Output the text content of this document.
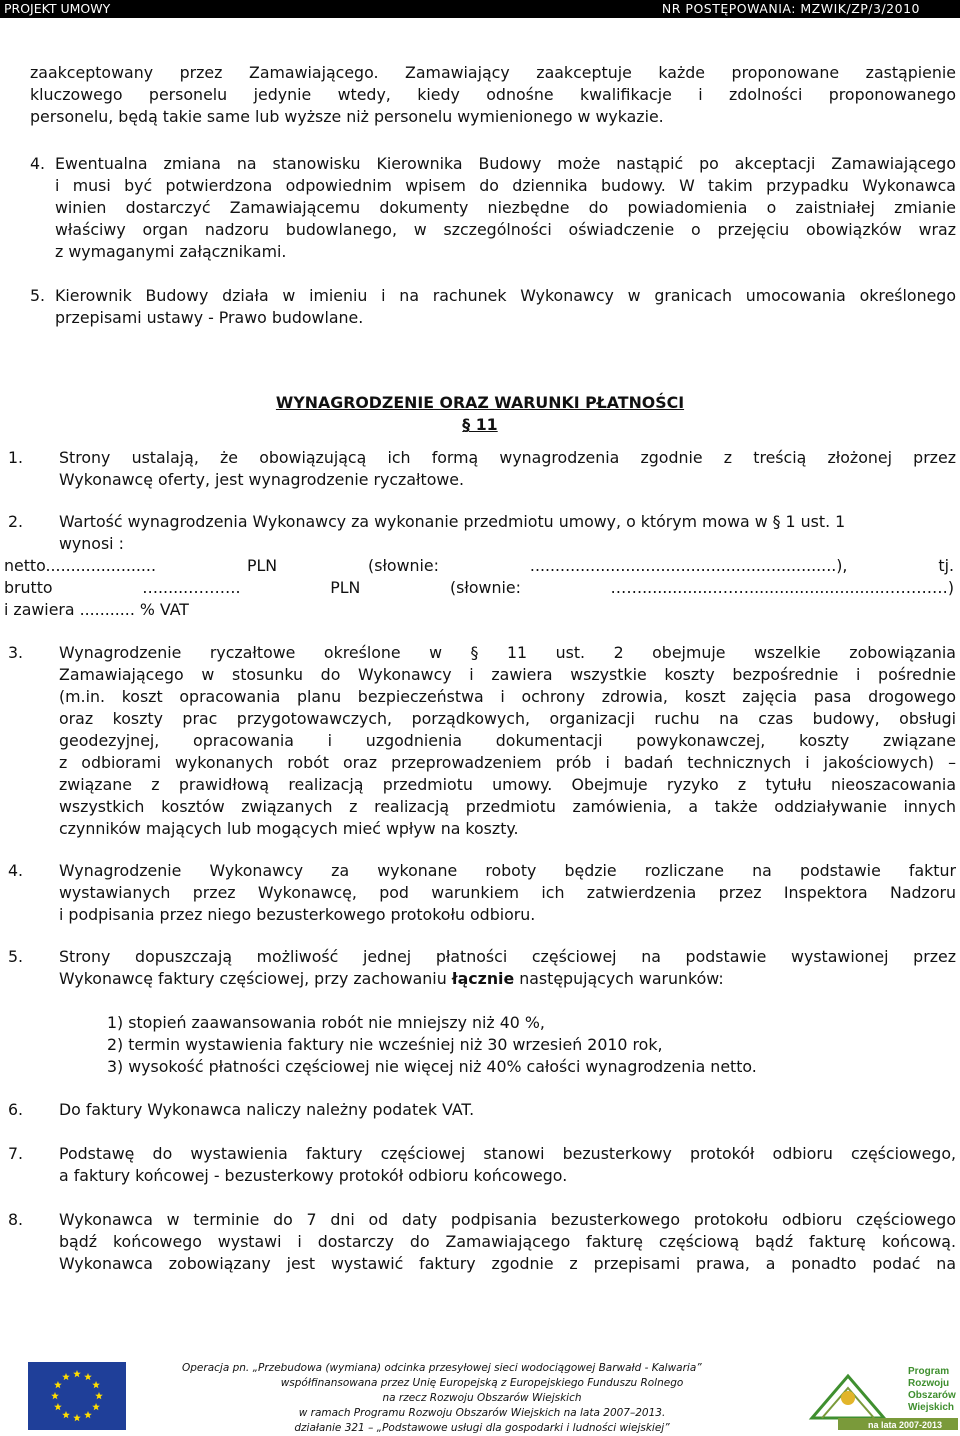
PROJEKT UMOWY	NR POSTĘPOWANIA: MZWIK/ZP/3/2010
zaakceptowany przez Zamawiającego. Zamawiający zaakceptuje każde proponowane zastąpienie
kluczowego personelu jedynie wtedy, kiedy odnośne kwalifikacje i zdolności proponowanego
personelu, będą takie same lub wyższe niż personelu wymienionego w wykazie.
4. Ewentualna zmiana na stanowisku Kierownika Budowy może nastąpić po akceptacji Zamawiającego
i musi być potwierdzona odpowiednim wpisem do dziennika budowy. W takim przypadku Wykonawca
winien dostarczyć Zamawiającemu dokumenty niezbędne do powiadomienia o zaistniałej zmianie
właściwy organ nadzoru budowlanego, w szczególności oświadczenie o przejęciu obowiązków wraz
z wymaganymi załącznikami.
5. Kierownik Budowy działa w imieniu i na rachunek Wykonawcy w granicach umocowania określonego
przepisami ustawy - Prawo budowlane.
WYNAGRODZENIE ORAZ WARUNKI PŁATNOŚCI
§ 11
1. Strony ustalają, że obowiązującą ich formą wynagrodzenia zgodnie z treścią złożonej przez
Wykonawcę oferty, jest wynagrodzenie ryczałtowe.
2. Wartość wynagrodzenia Wykonawcy za wykonanie przedmiotu umowy, o którym mowa w § 1 ust. 1
wynosi :
netto...................... PLN (słownie: .............................................................), tj.
brutto …......………. PLN (słownie: ……...............……...........................…………)
i zawiera ........... % VAT
3. Wynagrodzenie ryczałtowe określone w § 11 ust. 2 obejmuje wszelkie zobowiązania
Zamawiającego w stosunku do Wykonawcy i zawiera wszystkie koszty bezpośrednie i pośrednie
(m.in. koszt opracowania planu bezpieczeństwa i ochrony zdrowia, koszt zajęcia pasa drogowego
oraz koszty prac przygotowawczych, porządkowych, organizacji ruchu na czas budowy, obsługi
geodezyjnej, opracowania i uzgodnienia dokumentacji powykonawczej, koszty związane
z odbiorami wykonanych robót oraz przeprowadzeniem prób i badań technicznych i jakościowych) –
związane z prawidłową realizacją przedmiotu umowy. Obejmuje ryzyko z tytułu nieoszacowania
wszystkich kosztów związanych z realizacją przedmiotu zamówienia, a także oddziaływanie innych
czynników mających lub mogących mieć wpływ na koszty.
4. Wynagrodzenie Wykonawcy za wykonane roboty będzie rozliczane na podstawie faktur
wystawianych przez Wykonawcę, pod warunkiem ich zatwierdzenia przez Inspektora Nadzoru
i podpisania przez niego bezusterkowego protokołu odbioru.
5. Strony dopuszczają możliwość jednej płatności częściowej na podstawie wystawionej przez
Wykonawcę faktury częściowej, przy zachowaniu łącznie następujących warunków:
1) stopień zaawansowania robót nie mniejszy niż 40 %,
2) termin wystawienia faktury nie wcześniej niż 30 wrzesień 2010 rok,
3) wysokość płatności częściowej nie więcej niż 40% całości wynagrodzenia netto.
6. Do faktury Wykonawca naliczy należny podatek VAT.
7. Podstawę do wystawienia faktury częściowej stanowi bezusterkowy protokół odbioru częściowego,
a faktury końcowej - bezusterkowy protokół odbioru końcowego.
8. Wykonawca w terminie do 7 dni od daty podpisania bezusterkowego protokołu odbioru częściowego
bądź końcowego wystawi i dostarczy do Zamawiającego fakturę częściową bądź fakturę końcową.
Wykonawca zobowiązany jest wystawić faktury zgodnie z przepisami prawa, a ponadto podać na
Operacja pn. „Przebudowa (wymiana) odcinka przesyłowej sieci wodociągowej Barwałd - Kalwaria”
współfinansowana przez Unię Europejską z Europejskiego Funduszu Rolnego
na rzecz Rozwoju Obszarów Wiejskich
w ramach Programu Rozwoju Obszarów Wiejskich na lata 2007–2013.
działanie 321 – „Podstawowe usługi dla gospodarki i ludności wiejskiej”
Program
Rozwoju
Obszarów
Wiejskich
na lata 2007-2013
